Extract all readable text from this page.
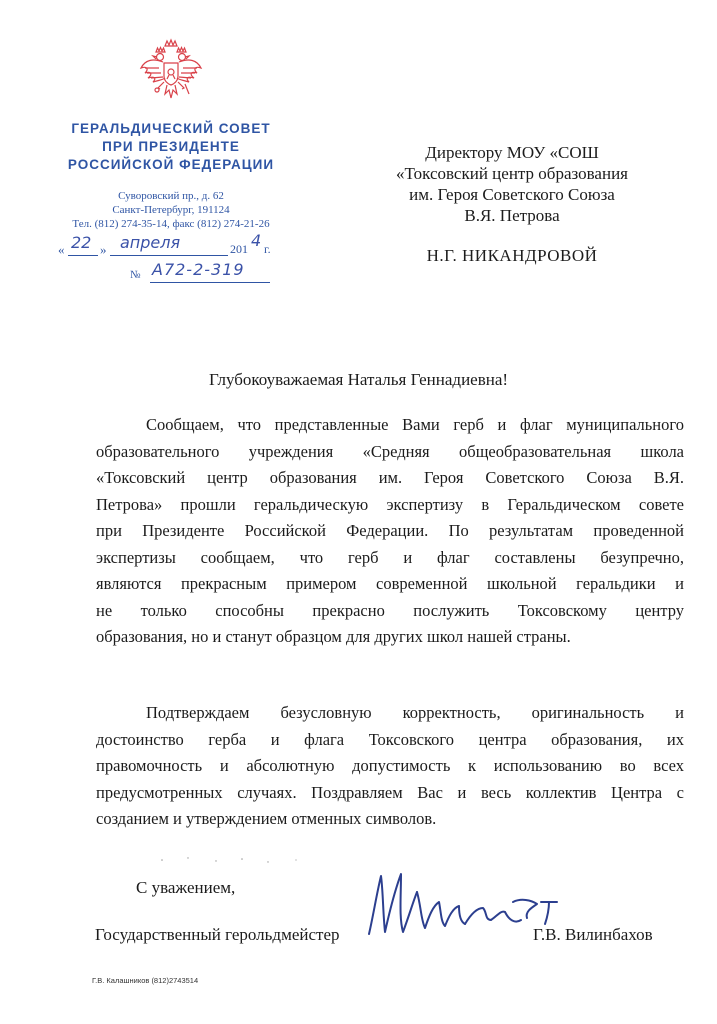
ГЕРАЛЬДИЧЕСКИЙ СОВЕТ
ПРИ ПРЕЗИДЕНТЕ
РОССИЙСКОЙ ФЕДЕРАЦИИ
Суворовский пр., д. 62
Санкт-Петербург, 191124
Тел. (812) 274-35-14, факс (812) 274-21-26
« 22 » апреля	201 4 г.
№ А72-2-319
Директору МОУ «СОШ
«Токсовский центр образования
им. Героя Советского Союза
В.Я. Петрова
Н.Г. НИКАНДРОВОЙ
Глубокоуважаемая Наталья Геннадиевна!
Сообщаем, что представленные Вами герб и флаг муниципального
образовательного учреждения «Средняя общеобразовательная школа
«Токсовский центр образования им. Героя Советского Союза В.Я.
Петрова» прошли геральдическую экспертизу в Геральдическом совете
при Президенте Российской Федерации. По результатам проведенной
экспертизы сообщаем, что герб и флаг составлены безупречно,
являются прекрасным примером современной школьной геральдики и
не только способны прекрасно послужить Токсовскому центру
образования, но и станут образцом для других школ нашей страны.
Подтверждаем безусловную корректность, оригинальность и
достоинство герба и флага Токсовского центра образования, их
правомочность и абсолютную допустимость к использованию во всех
предусмотренных случаях. Поздравляем Вас и весь коллектив Центра с
созданием и утверждением отменных символов.
С уважением,
Государственный герольдмейстер	Г.В. Вилинбахов
Г.В. Калашников (812)2743514
